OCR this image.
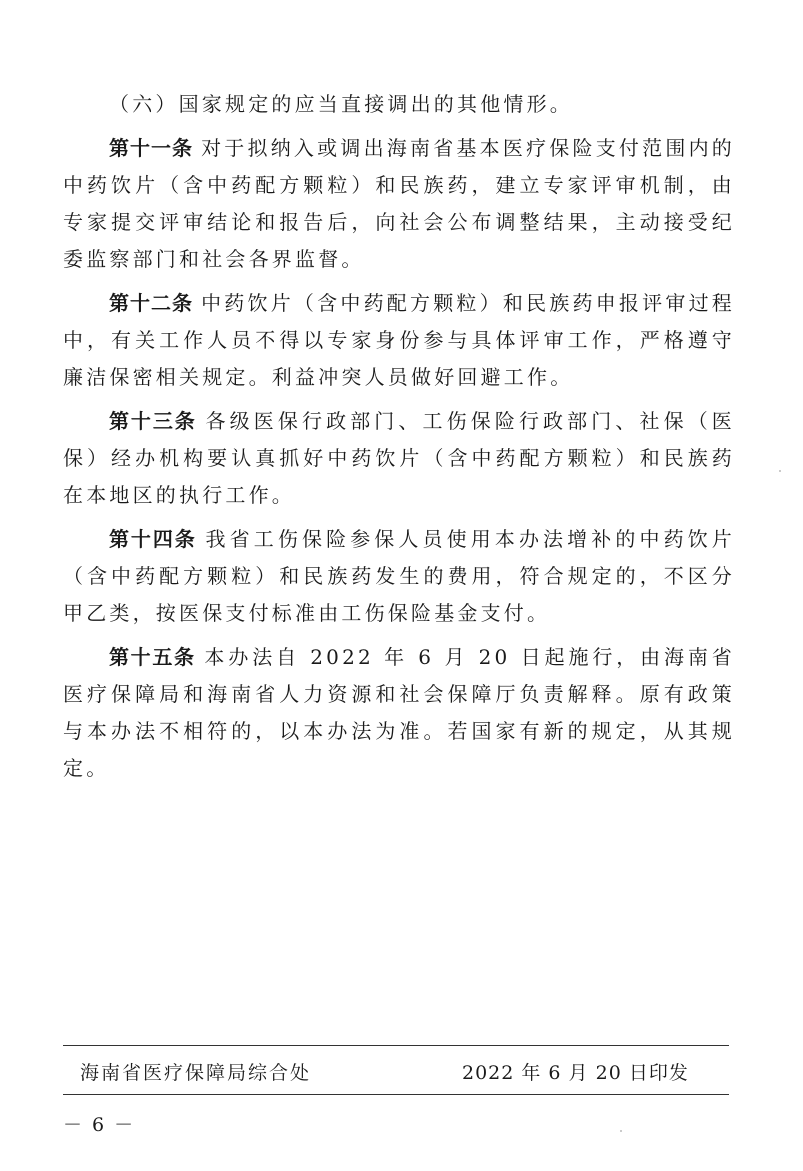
（六）国家规定的应当直接调出的其他情形。

第十一条 对于拟纳入或调出海南省基本医疗保险支付范围内的中药饮片（含中药配方颗粒）和民族药，建立专家评审机制，由专家提交评审结论和报告后，向社会公布调整结果，主动接受纪委监察部门和社会各界监督。

第十二条 中药饮片（含中药配方颗粒）和民族药申报评审过程中，有关工作人员不得以专家身份参与具体评审工作，严格遵守廉洁保密相关规定。利益冲突人员做好回避工作。

第十三条 各级医保行政部门、工伤保险行政部门、社保（医保）经办机构要认真抓好中药饮片（含中药配方颗粒）和民族药在本地区的执行工作。

第十四条 我省工伤保险参保人员使用本办法增补的中药饮片（含中药配方颗粒）和民族药发生的费用，符合规定的，不区分甲乙类，按医保支付标准由工伤保险基金支付。

第十五条 本办法自 2022 年 6 月 20 日起施行，由海南省医疗保障局和海南省人力资源和社会保障厅负责解释。原有政策与本办法不相符的，以本办法为准。若国家有新的规定，从其规定。

海南省医疗保障局综合处	2022 年 6 月 20 日印发
－ 6 －
